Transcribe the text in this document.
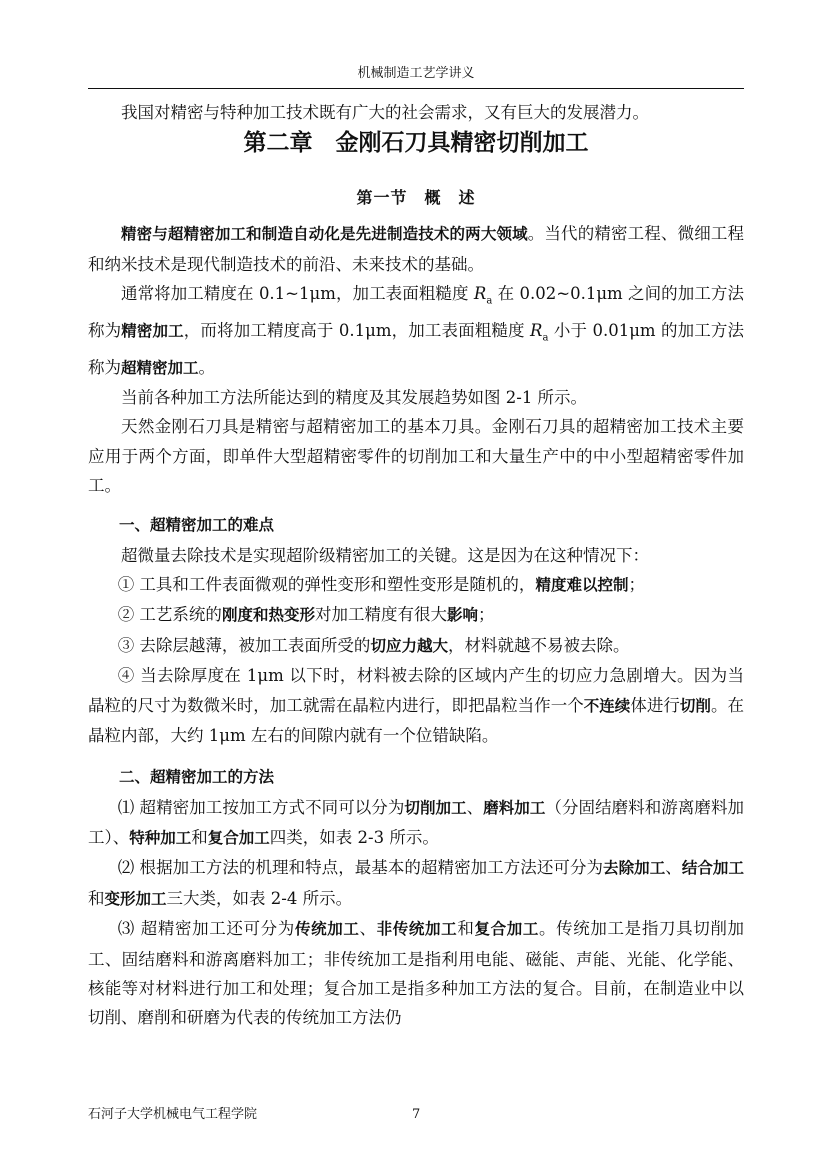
机械制造工艺学讲义

我国对精密与特种加工技术既有广大的社会需求，又有巨大的发展潜力。

第二章　金刚石刀具精密切削加工
第一节　概　述

精密与超精密加工和制造自动化是先进制造技术的两大领域。当代的精密工程、微细工程和纳米技术是现代制造技术的前沿、未来技术的基础。

通常将加工精度在 0.1~1μm，加工表面粗糙度 $R_a$ 在 0.02~0.1μm 之间的加工方法称为精密加工，而将加工精度高于 0.1μm，加工表面粗糙度 $R_a$ 小于 0.01μm 的加工方法称为超精密加工。

当前各种加工方法所能达到的精度及其发展趋势如图 2-1 所示。

天然金刚石刀具是精密与超精密加工的基本刀具。金刚石刀具的超精密加工技术主要应用于两个方面，即单件大型超精密零件的切削加工和大量生产中的中小型超精密零件加工。

一、超精密加工的难点

超微量去除技术是实现超阶级精密加工的关键。这是因为在这种情况下：

① 工具和工件表面微观的弹性变形和塑性变形是随机的，精度难以控制；

② 工艺系统的刚度和热变形对加工精度有很大影响；

③ 去除层越薄，被加工表面所受的切应力越大，材料就越不易被去除。

④ 当去除厚度在 1μm 以下时，材料被去除的区域内产生的切应力急剧增大。因为当晶粒的尺寸为数微米时，加工就需在晶粒内进行，即把晶粒当作一个不连续体进行切削。在晶粒内部，大约 1μm 左右的间隙内就有一个位错缺陷。

二、超精密加工的方法

⑴ 超精密加工按加工方式不同可以分为切削加工、磨料加工（分固结磨料和游离磨料加工）、特种加工和复合加工四类，如表 2-3 所示。

⑵ 根据加工方法的机理和特点，最基本的超精密加工方法还可分为去除加工、结合加工和变形加工三大类，如表 2-4 所示。

⑶ 超精密加工还可分为传统加工、非传统加工和复合加工。传统加工是指刀具切削加工、固结磨料和游离磨料加工；非传统加工是指利用电能、磁能、声能、光能、化学能、核能等对材料进行加工和处理；复合加工是指多种加工方法的复合。目前，在制造业中以切削、磨削和研磨为代表的传统加工方法仍

石河子大学机械电气工程学院	7
